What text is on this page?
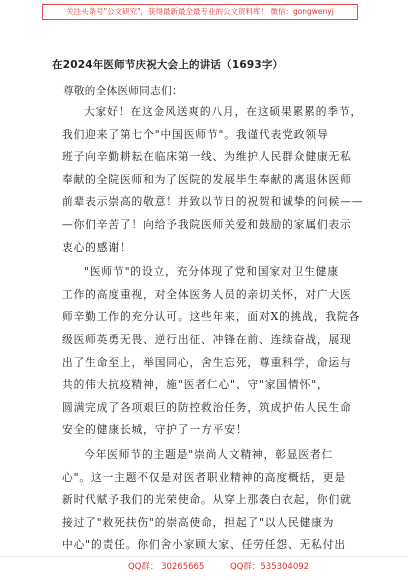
关注头条号"公文研究"，获得最新最全最专业的公文资料库！ 微信：gongwenyj
在2024年医师节庆祝大会上的讲话（1693字）
尊敬的全体医师同志们：

大家好！在这金风送爽的八月，在这硕果累累的季节，

我们迎来了第七个"中国医师节"。我谨代表党政领导

班子向辛勤耕耘在临床第一线、为维护人民群众健康无私

奉献的全院医师和为了医院的发展毕生奉献的离退休医师

前辈表示崇高的敬意！并致以节日的祝贺和诚挚的问候——

—你们辛苦了！向给予我院医师关爱和鼓励的家属们表示

衷心的感谢！

"医师节"的设立，充分体现了党和国家对卫生健康

工作的高度重视，对全体医务人员的亲切关怀，对广大医

师辛勤工作的充分认可。这些年来，面对X的挑战，我院各

级医师英勇无畏、逆行出征、冲锋在前、连续奋战，展现

出了生命至上，举国同心，舍生忘死，尊重科学，命运与

共的伟大抗疫精神，施"医者仁心"、守"家国情怀"，

圆满完成了各项艰巨的防控救治任务，筑成护佑人民生命

安全的健康长城，守护了一方平安！

今年医师节的主题是"崇尚人文精神，彰显医者仁

心"。这一主题不仅是对医者职业精神的高度概括，更是

新时代赋予我们的光荣使命。从穿上那袭白衣起，你们就

接过了"救死扶伤"的崇高使命，担起了"以人民健康为

中心"的责任。你们舍小家顾大家、任劳任怨、无私付出

QQ群： 30265665	QQ群：535304092
